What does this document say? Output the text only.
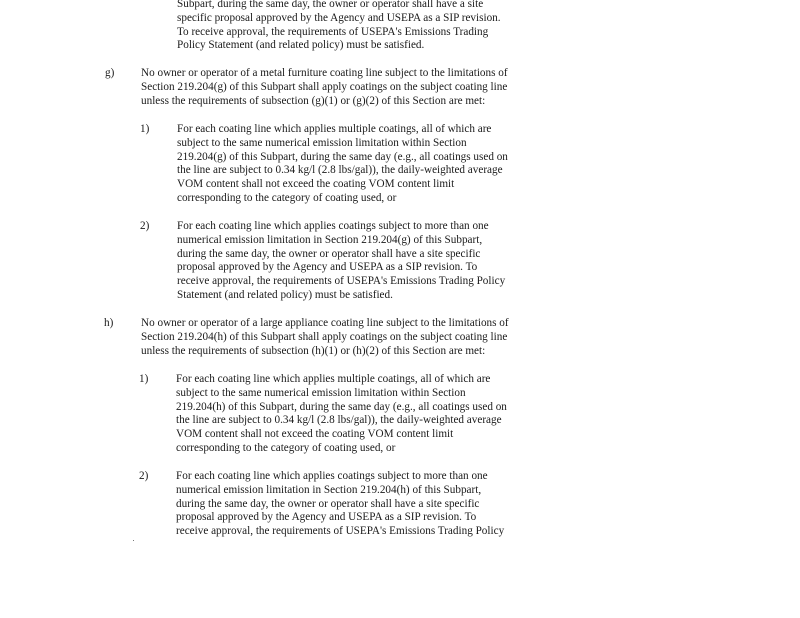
Subpart, during the same day, the owner or operator shall have a site
specific proposal approved by the Agency and USEPA as a SIP revision.
To receive approval, the requirements of USEPA's Emissions Trading
Policy Statement (and related policy) must be satisfied.
g) No owner or operator of a metal furniture coating line subject to the limitations of
Section 219.204(g) of this Subpart shall apply coatings on the subject coating line
unless the requirements of subsection (g)(1) or (g)(2) of this Section are met:
1) For each coating line which applies multiple coatings, all of which are
subject to the same numerical emission limitation within Section
219.204(g) of this Subpart, during the same day (e.g., all coatings used on
the line are subject to 0.34 kg/l (2.8 lbs/gal)), the daily-weighted average
VOM content shall not exceed the coating VOM content limit
corresponding to the category of coating used, or
2) For each coating line which applies coatings subject to more than one
numerical emission limitation in Section 219.204(g) of this Subpart,
during the same day, the owner or operator shall have a site specific
proposal approved by the Agency and USEPA as a SIP revision. To
receive approval, the requirements of USEPA's Emissions Trading Policy
Statement (and related policy) must be satisfied.
h) No owner or operator of a large appliance coating line subject to the limitations of
Section 219.204(h) of this Subpart shall apply coatings on the subject coating line
unless the requirements of subsection (h)(1) or (h)(2) of this Section are met:
1) For each coating line which applies multiple coatings, all of which are
subject to the same numerical emission limitation within Section
219.204(h) of this Subpart, during the same day (e.g., all coatings used on
the line are subject to 0.34 kg/l (2.8 lbs/gal)), the daily-weighted average
VOM content shall not exceed the coating VOM content limit
corresponding to the category of coating used, or
2) For each coating line which applies coatings subject to more than one
numerical emission limitation in Section 219.204(h) of this Subpart,
during the same day, the owner or operator shall have a site specific
proposal approved by the Agency and USEPA as a SIP revision. To
receive approval, the requirements of USEPA's Emissions Trading Policy
